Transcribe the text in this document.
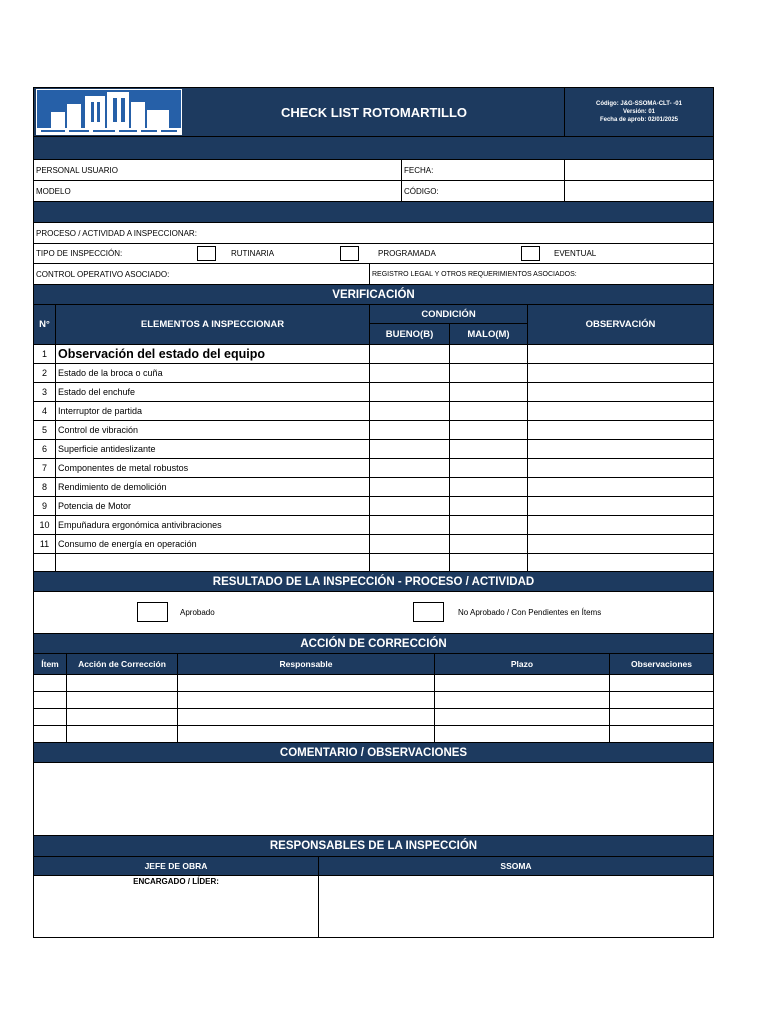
CHECK LIST ROTOMARTILLO
Código: J&G-SSOMA-CLT- -01
Versión: 01
Fecha de aprob: 02/01/2025
PERSONAL USUARIO	FECHA:
MODELO	CÓDIGO:
PROCESO / ACTIVIDAD A INSPECCIONAR:
TIPO DE INSPECCIÓN:	RUTINARIA	PROGRAMADA	EVENTUAL
CONTROL OPERATIVO ASOCIADO:	REGISTRO LEGAL Y OTROS REQUERIMIENTOS ASOCIADOS:
VERIFICACIÓN
N°	ELEMENTOS A INSPECCIONAR
CONDICIÓN
BUENO(B)	MALO(M)
OBSERVACIÓN
1 Observación del estado del equipo
2	Estado de la broca o cuña
3	Estado del enchufe
4	Interruptor de partida
5	Control de vibración
6	Superficie antideslizante
7	Componentes de metal robustos
8	Rendimiento de demolición
9	Potencia de Motor
10 Empuñadura ergonómica antivibraciones
11 Consumo de energía en operación
RESULTADO DE LA INSPECCIÓN - PROCESO / ACTIVIDAD
Aprobado	No Aprobado / Con Pendientes en Ítems
ACCIÓN DE CORRECCIÓN
Ítem	Acción de Corrección	Responsable	Plazo	Observaciones
COMENTARIO / OBSERVACIONES
RESPONSABLES DE LA INSPECCIÓN
JEFE DE OBRA	SSOMA
ENCARGADO / LÍDER:
